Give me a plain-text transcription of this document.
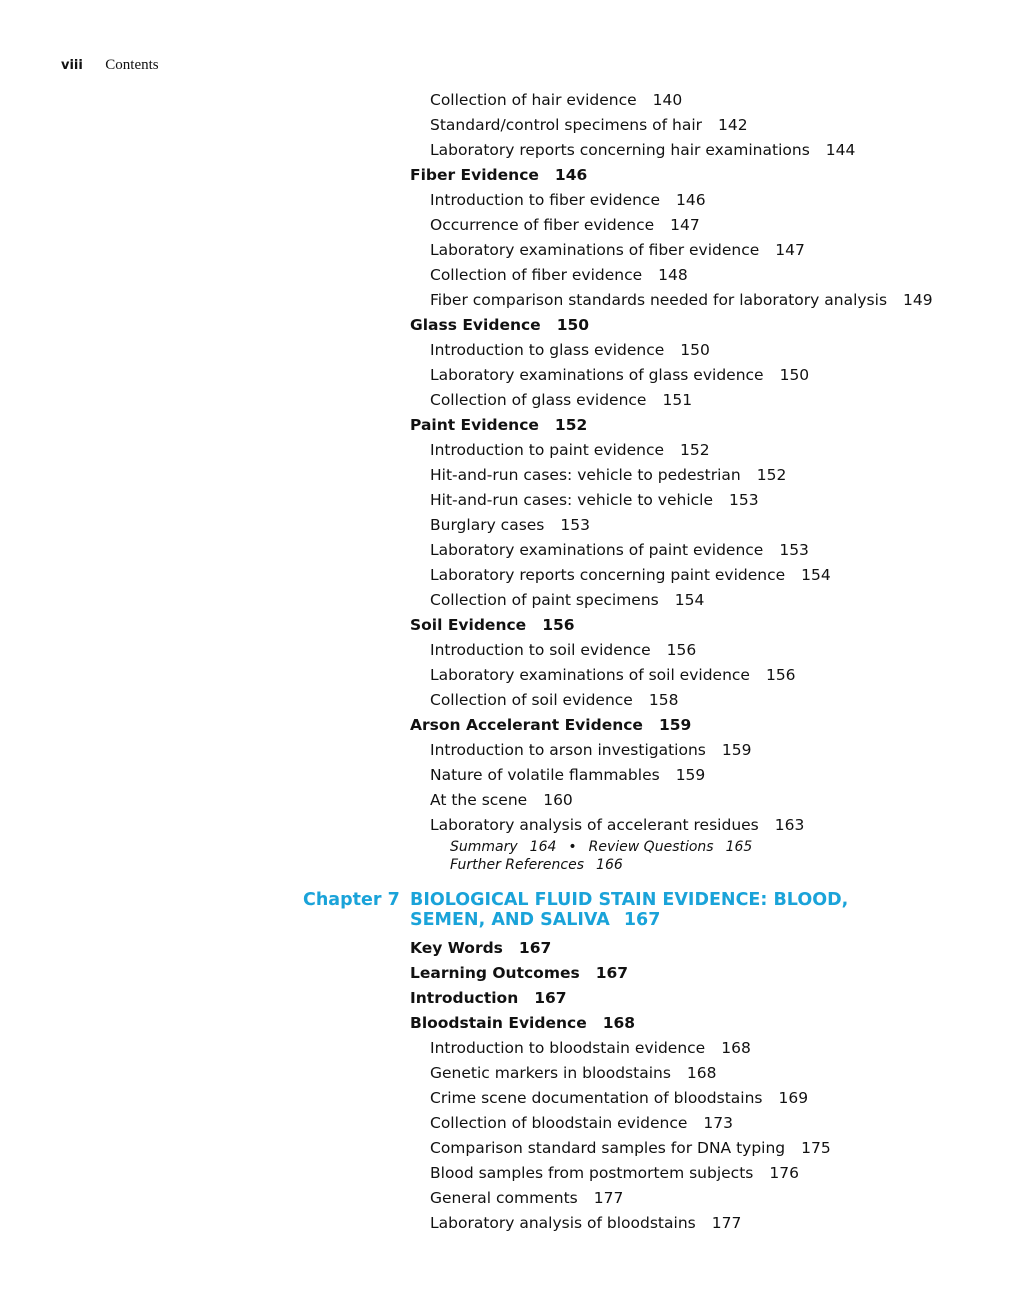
viii Contents
Collection of hair evidence 140
Standard/control specimens of hair 142
Laboratory reports concerning hair examinations 144
Fiber Evidence 146
Introduction to fiber evidence 146
Occurrence of fiber evidence 147
Laboratory examinations of fiber evidence 147
Collection of fiber evidence 148
Fiber comparison standards needed for laboratory analysis 149
Glass Evidence 150
Introduction to glass evidence 150
Laboratory examinations of glass evidence 150
Collection of glass evidence 151
Paint Evidence 152
Introduction to paint evidence 152
Hit-and-run cases: vehicle to pedestrian 152
Hit-and-run cases: vehicle to vehicle 153
Burglary cases 153
Laboratory examinations of paint evidence 153
Laboratory reports concerning paint evidence 154
Collection of paint specimens 154
Soil Evidence 156
Introduction to soil evidence 156
Laboratory examinations of soil evidence 156
Collection of soil evidence 158
Arson Accelerant Evidence 159
Introduction to arson investigations 159
Nature of volatile flammables 159
At the scene 160
Laboratory analysis of accelerant residues 163
Summary 164 • Review Questions 165
Further References 166
Chapter 7 BIOLOGICAL FLUID STAIN EVIDENCE: BLOOD, SEMEN, AND SALIVA 167
Key Words 167
Learning Outcomes 167
Introduction 167
Bloodstain Evidence 168
Introduction to bloodstain evidence 168
Genetic markers in bloodstains 168
Crime scene documentation of bloodstains 169
Collection of bloodstain evidence 173
Comparison standard samples for DNA typing 175
Blood samples from postmortem subjects 176
General comments 177
Laboratory analysis of bloodstains 177
